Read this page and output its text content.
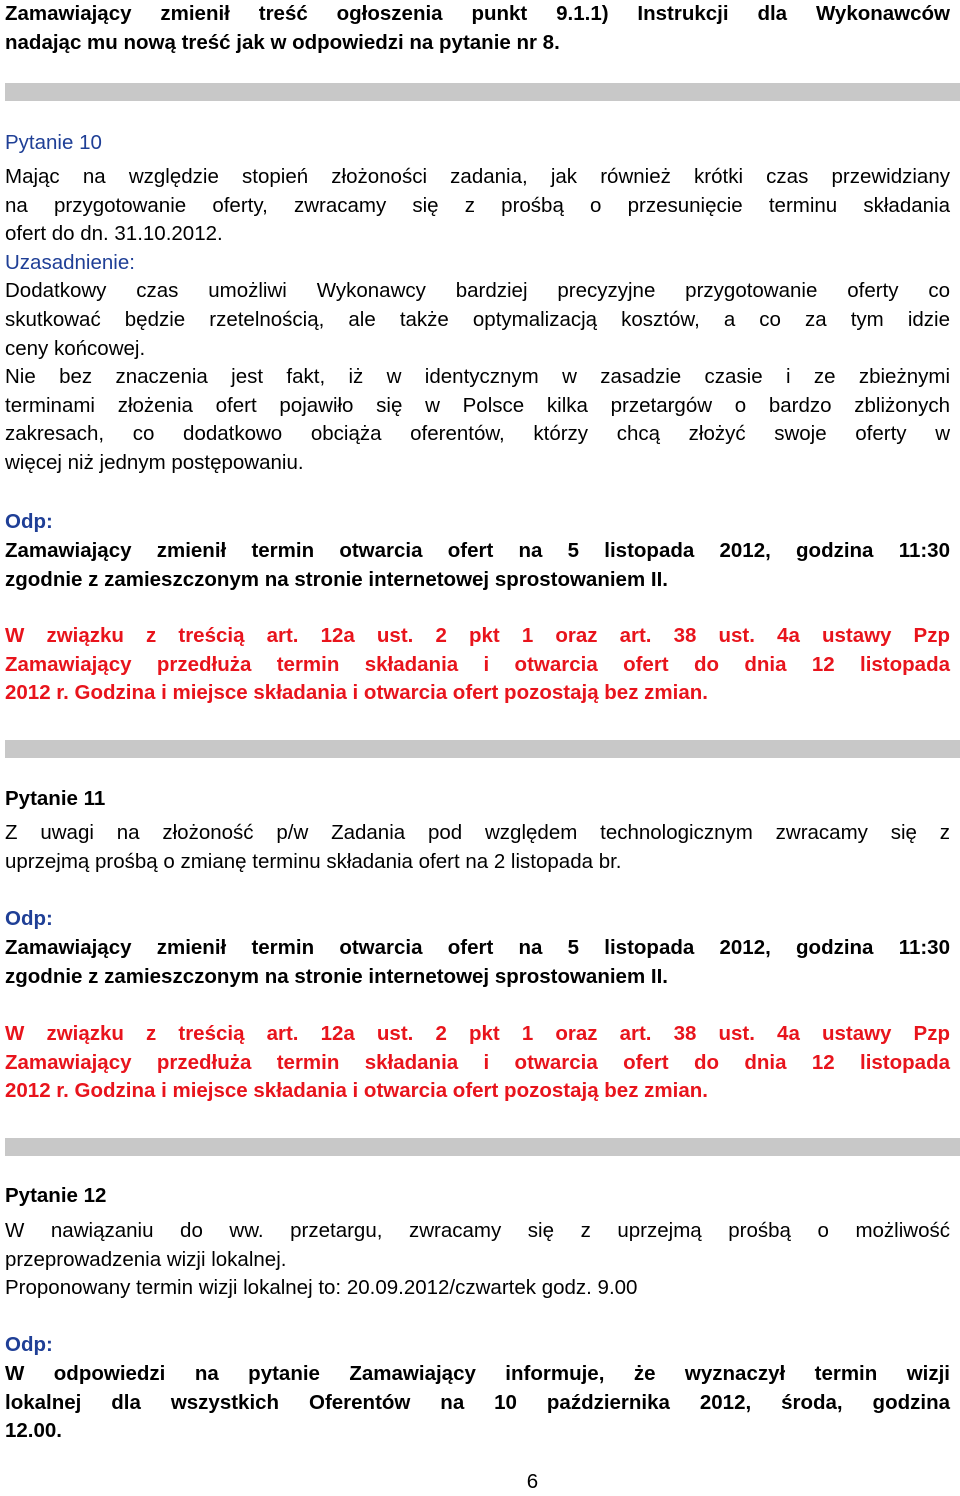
Zamawiający zmienił treść ogłoszenia punkt 9.1.1) Instrukcji dla Wykonawców

nadając mu nową treść jak w odpowiedzi na pytanie nr 8.

Pytanie 10

Mając na względzie stopień złożoności zadania, jak również krótki czas przewidziany

na przygotowanie oferty, zwracamy się z prośbą o przesunięcie terminu składania

ofert do dn. 31.10.2012.

Uzasadnienie:

Dodatkowy czas umożliwi Wykonawcy bardziej precyzyjne przygotowanie oferty co

skutkować będzie rzetelnością, ale także optymalizacją kosztów, a co za tym idzie

ceny końcowej.

Nie bez znaczenia jest fakt, iż w identycznym w zasadzie czasie i ze zbieżnymi

terminami złożenia ofert pojawiło się w Polsce kilka przetargów o bardzo zbliżonych

zakresach, co dodatkowo obciąża oferentów, którzy chcą złożyć swoje oferty w

więcej niż jednym postępowaniu.

Odp:

Zamawiający zmienił termin otwarcia ofert na 5 listopada 2012, godzina 11:30

zgodnie z zamieszczonym na stronie internetowej sprostowaniem II.

W związku z treścią art. 12a ust. 2 pkt 1 oraz art. 38 ust. 4a ustawy Pzp

Zamawiający przedłuża termin składania i otwarcia ofert do dnia 12 listopada

2012 r. Godzina i miejsce składania i otwarcia ofert pozostają bez zmian.

Pytanie 11

Z uwagi na złożoność p/w Zadania pod względem technologicznym zwracamy się z

uprzejmą prośbą o zmianę terminu składania ofert na 2 listopada br.

Odp:

Zamawiający zmienił termin otwarcia ofert na 5 listopada 2012, godzina 11:30

zgodnie z zamieszczonym na stronie internetowej sprostowaniem II.

W związku z treścią art. 12a ust. 2 pkt 1 oraz art. 38 ust. 4a ustawy Pzp

Zamawiający przedłuża termin składania i otwarcia ofert do dnia 12 listopada

2012 r. Godzina i miejsce składania i otwarcia ofert pozostają bez zmian.

Pytanie 12

W nawiązaniu do ww. przetargu, zwracamy się z uprzejmą prośbą o możliwość

przeprowadzenia wizji lokalnej.

Proponowany termin wizji lokalnej to: 20.09.2012/czwartek godz. 9.00

Odp:

W odpowiedzi na pytanie Zamawiający informuje, że wyznaczył termin wizji

lokalnej dla wszystkich Oferentów na 10 października 2012, środa, godzina

12.00.

6
